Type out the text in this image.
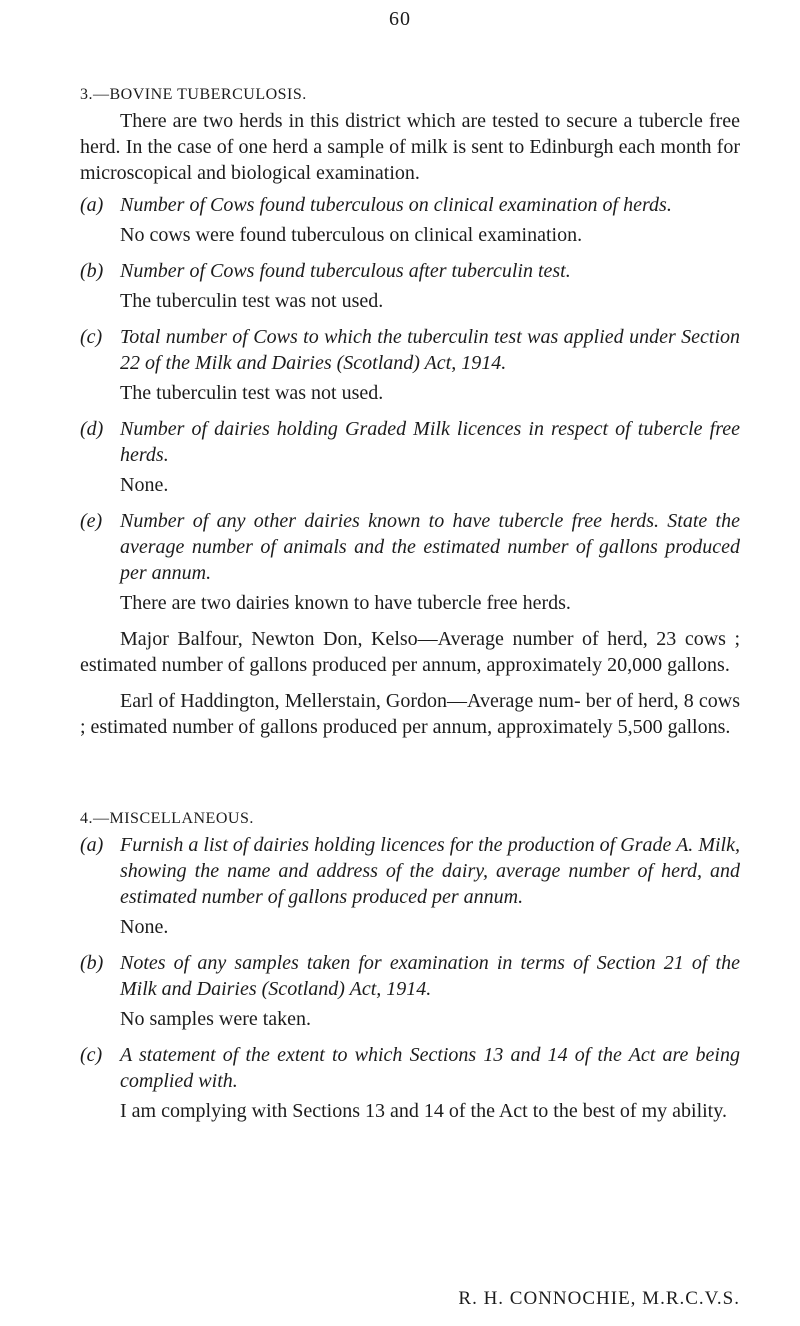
60
3.—BOVINE TUBERCULOSIS.

There are two herds in this district which are tested to secure a tubercle free herd. In the case of one herd a sample of milk is sent to Edinburgh each month for microscopical and biological examination.

(a) Number of Cows found tuberculous on clinical examination of herds.

No cows were found tuberculous on clinical examination.

(b) Number of Cows found tuberculous after tuberculin test.

The tuberculin test was not used.

(c) Total number of Cows to which the tuberculin test was applied under Section 22 of the Milk and Dairies (Scotland) Act, 1914.

The tuberculin test was not used.

(d) Number of dairies holding Graded Milk licences in respect of tubercle free herds.

None.

(e) Number of any other dairies known to have tubercle free herds. State the average number of animals and the estimated number of gallons produced per annum.

There are two dairies known to have tubercle free herds.

Major Balfour, Newton Don, Kelso—Average number of herd, 23 cows ; estimated number of gallons produced per annum, approximately 20,000 gallons.

Earl of Haddington, Mellerstain, Gordon—Average num- ber of herd, 8 cows ; estimated number of gallons produced per annum, approximately 5,500 gallons.

4.—MISCELLANEOUS.
(a) Furnish a list of dairies holding licences for the production of Grade A. Milk, showing the name and address of the dairy, average number of herd, and estimated number of gallons produced per annum.

None.

(b) Notes of any samples taken for examination in terms of Section 21 of the Milk and Dairies (Scotland) Act, 1914.

No samples were taken.

(c) A statement of the extent to which Sections 13 and 14 of the Act are being complied with.

I am complying with Sections 13 and 14 of the Act to the best of my ability.

R. H. CONNOCHIE, M.R.C.V.S.
